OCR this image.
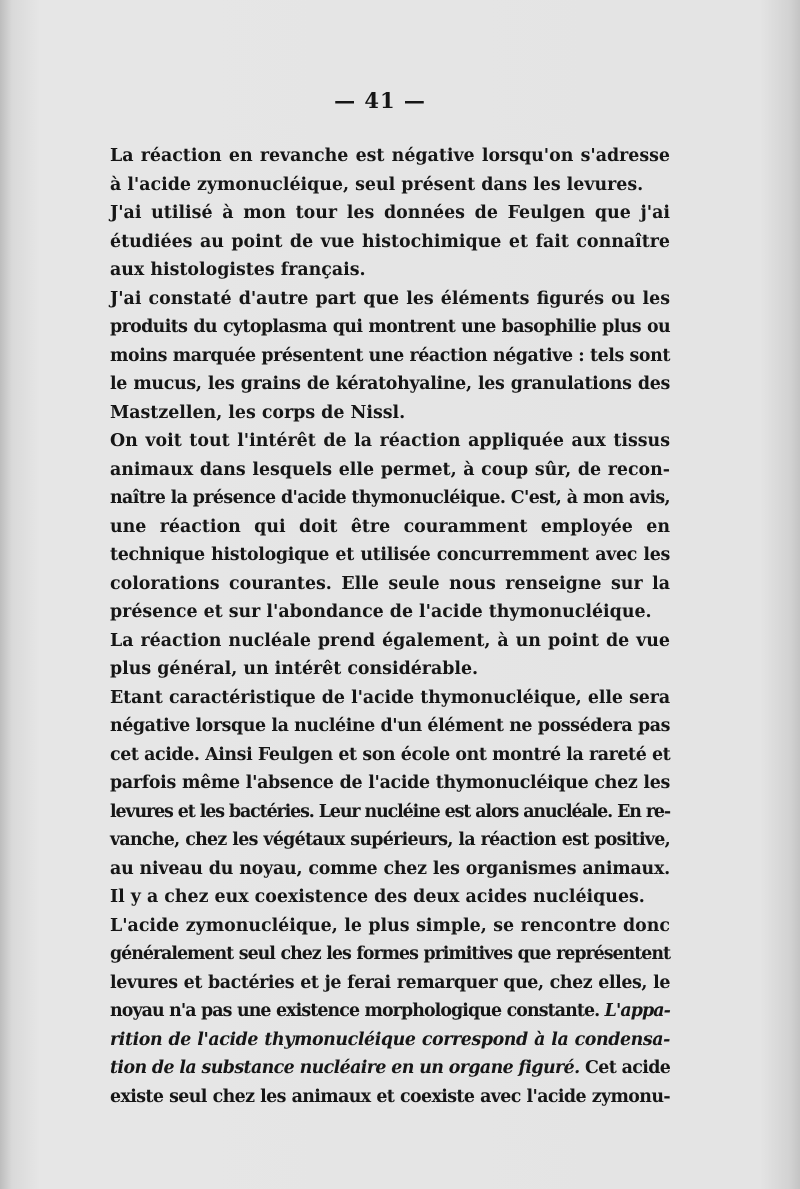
— 41 —
La réaction en revanche est négative lorsqu'on s'adresse
à l'acide zymonucléique, seul présent dans les levures.
J'ai utilisé à mon tour les données de Feulgen que j'ai
étudiées au point de vue histochimique et fait connaître
aux histologistes français.
J'ai constaté d'autre part que les éléments figurés ou les
produits du cytoplasma qui montrent une basophilie plus ou
moins marquée présentent une réaction négative : tels sont
le mucus, les grains de kératohyaline, les granulations des
Mastzellen, les corps de Nissl.
On voit tout l'intérêt de la réaction appliquée aux tissus
animaux dans lesquels elle permet, à coup sûr, de recon-
naître la présence d'acide thymonucléique. C'est, à mon avis,
une réaction qui doit être couramment employée en
technique histologique et utilisée concurremment avec les
colorations courantes. Elle seule nous renseigne sur la
présence et sur l'abondance de l'acide thymonucléique.
La réaction nucléale prend également, à un point de vue
plus général, un intérêt considérable.
Etant caractéristique de l'acide thymonucléique, elle sera
négative lorsque la nucléine d'un élément ne possédera pas
cet acide. Ainsi Feulgen et son école ont montré la rareté et
parfois même l'absence de l'acide thymonucléique chez les
levures et les bactéries. Leur nucléine est alors anucléale. En re-
vanche, chez les végétaux supérieurs, la réaction est positive,
au niveau du noyau, comme chez les organismes animaux.
Il y a chez eux coexistence des deux acides nucléiques.
L'acide zymonucléique, le plus simple, se rencontre donc
généralement seul chez les formes primitives que représentent
levures et bactéries et je ferai remarquer que, chez elles, le
noyau n'a pas une existence morphologique constante. L'appa-
rition de l'acide thymonucléique correspond à la condensa-
tion de la substance nucléaire en un organe figuré. Cet acide
existe seul chez les animaux et coexiste avec l'acide zymonu-
